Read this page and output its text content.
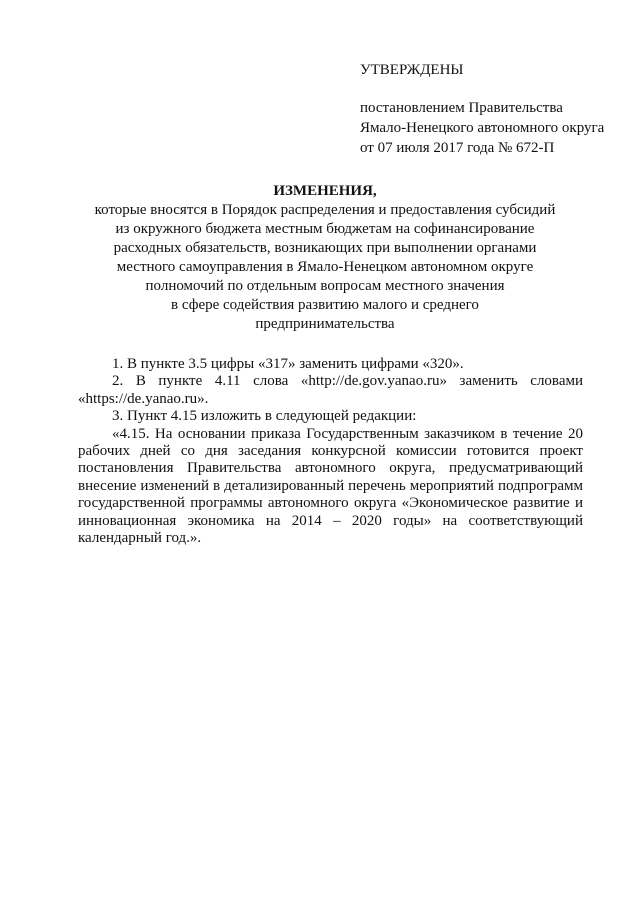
УТВЕРЖДЕНЫ
постановлением Правительства
Ямало-Ненецкого автономного округа
от 07 июля 2017 года № 672-П
ИЗМЕНЕНИЯ,
которые вносятся в Порядок распределения и предоставления субсидий
из окружного бюджета местным бюджетам на софинансирование
расходных обязательств, возникающих при выполнении органами
местного самоуправления в Ямало-Ненецком автономном округе
полномочий по отдельным вопросам местного значения
в сфере содействия развитию малого и среднего
предпринимательства

1. В пункте 3.5 цифры «317» заменить цифрами «320».

2. В пункте 4.11 слова «http://de.gov.yanao.ru» заменить словами «https://de.yanao.ru».

3. Пункт 4.15 изложить в следующей редакции:

«4.15. На основании приказа Государственным заказчиком в течение 20 рабочих дней со дня заседания конкурсной комиссии готовится проект постановления Правительства автономного округа, предусматривающий внесение изменений в детализированный перечень мероприятий подпрограмм государственной программы автономного округа «Экономическое развитие и инновационная экономика на 2014 – 2020 годы» на соответствующий календарный год.».
